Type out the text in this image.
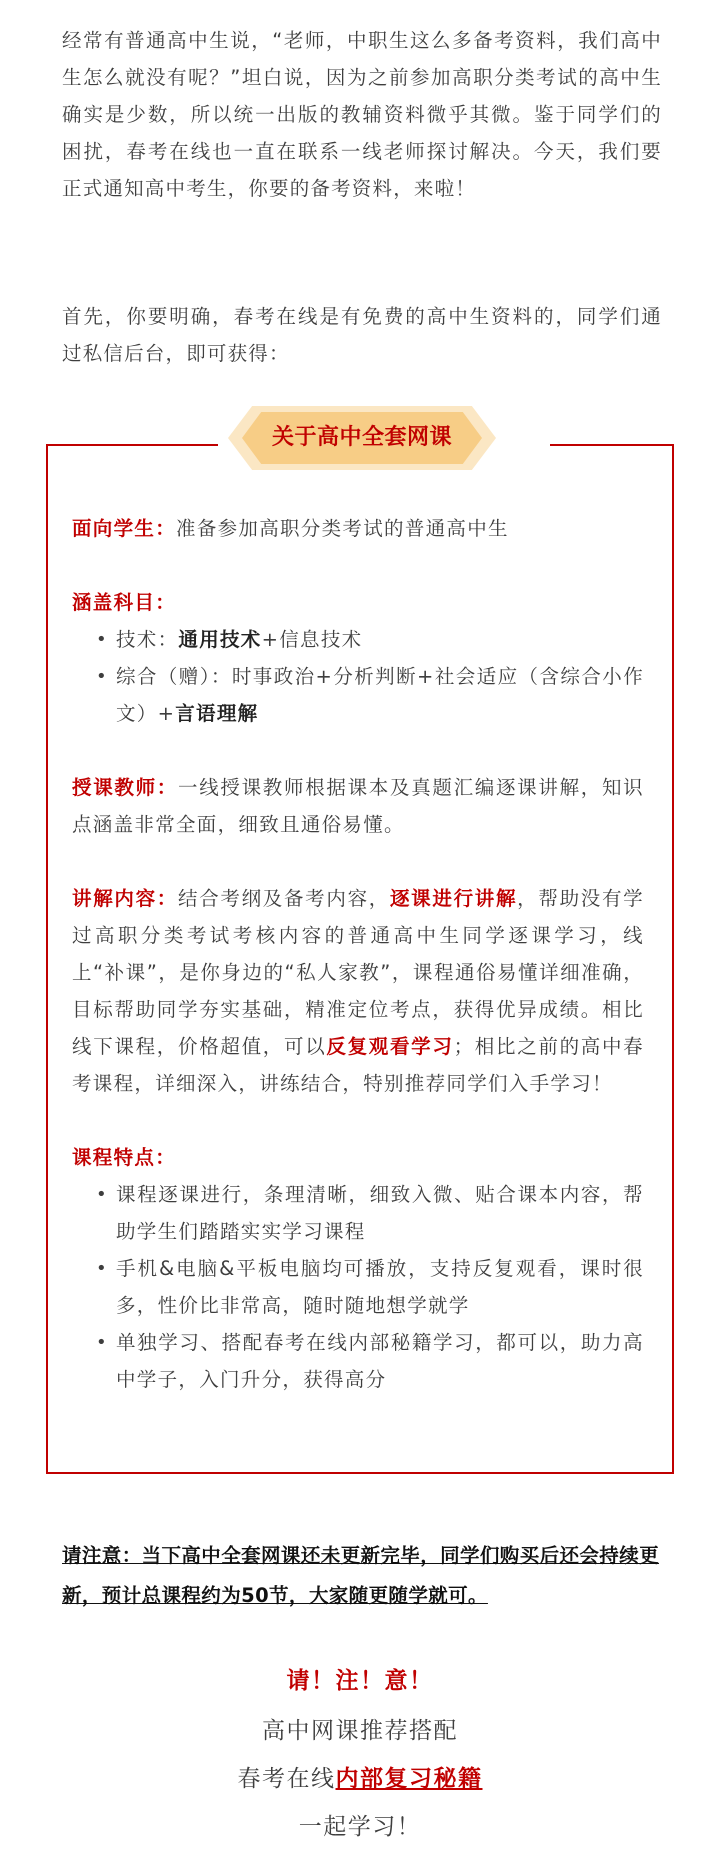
经常有普通高中生说，“老师，中职生这么多备考资料，我们高中生怎么就没有呢？”坦白说，因为之前参加高职分类考试的高中生确实是少数，所以统一出版的教辅资料微乎其微。鉴于同学们的困扰，春考在线也一直在联系一线老师探讨解决。今天，我们要正式通知高中考生，你要的备考资料，来啦！

首先，你要明确，春考在线是有免费的高中生资料的，同学们通过私信后台，即可获得：

面向学生：准备参加高职分类考试的普通高中生

涵盖科目：

• 技术：通用技术+信息技术
• 综合（赠）：时事政治+分析判断+社会适应（含综合小作文）+言语理解

授课教师：一线授课教师根据课本及真题汇编逐课讲解，知识点涵盖非常全面，细致且通俗易懂。

讲解内容：结合考纲及备考内容，逐课进行讲解，帮助没有学过高职分类考试考核内容的普通高中生同学逐课学习，线上“补课”，是你身边的“私人家教”，课程通俗易懂详细准确，目标帮助同学夯实基础，精准定位考点，获得优异成绩。相比线下课程，价格超值，可以反复观看学习；相比之前的高中春考课程，详细深入，讲练结合，特别推荐同学们入手学习！

课程特点：

• 课程逐课进行，条理清晰，细致入微、贴合课本内容，帮助学生们踏踏实实学习课程
• 手机&电脑&平板电脑均可播放，支持反复观看，课时很多，性价比非常高，随时随地想学就学
• 单独学习、搭配春考在线内部秘籍学习，都可以，助力高中学子，入门升分，获得高分
关于高中全套网课

请注意：当下高中全套网课还未更新完毕，同学们购买后还会持续更新，预计总课程约为50节，大家随更随学就可。

请！注！意！
高中网课推荐搭配
春考在线内部复习秘籍
一起学习！
